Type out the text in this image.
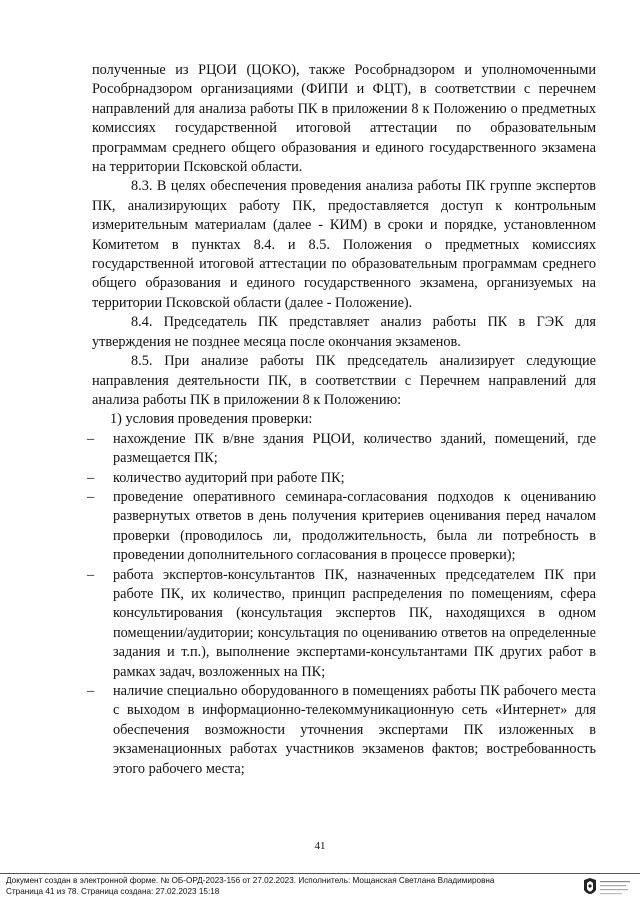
полученные из РЦОИ (ЦОКО), также Рособрнадзором и уполномоченными Рособрнадзором организациями (ФИПИ и ФЦТ), в соответствии с перечнем направлений для анализа работы ПК в приложении 8 к Положению о предметных комиссиях государственной итоговой аттестации по образовательным программам среднего общего образования и единого государственного экзамена на территории Псковской области.

8.3. В целях обеспечения проведения анализа работы ПК группе экспертов ПК, анализирующих работу ПК, предоставляется доступ к контрольным измерительным материалам (далее - КИМ) в сроки и порядке, установленном Комитетом в пунктах 8.4. и 8.5. Положения о предметных комиссиях государственной итоговой аттестации по образовательным программам среднего общего образования и единого государственного экзамена, организуемых на территории Псковской области (далее - Положение).

8.4. Председатель ПК представляет анализ работы ПК в ГЭК для утверждения не позднее месяца после окончания экзаменов.

8.5. При анализе работы ПК председатель анализирует следующие направления деятельности ПК, в соответствии с Перечнем направлений для анализа работы ПК в приложении 8 к Положению:

1) условия проведения проверки:

– нахождение ПК в/вне здания РЦОИ, количество зданий, помещений, где размещается ПК;

– количество аудиторий при работе ПК;

– проведение оперативного семинара-согласования подходов к оцениванию развернутых ответов в день получения критериев оценивания перед началом проверки (проводилось ли, продолжительность, была ли потребность в проведении дополнительного согласования в процессе проверки);

– работа экспертов-консультантов ПК, назначенных председателем ПК при работе ПК, их количество, принцип распределения по помещениям, сфера консультирования (консультация экспертов ПК, находящихся в одном помещении/аудитории; консультация по оцениванию ответов на определенные задания и т.п.), выполнение экспертами-консультантами ПК других работ в рамках задач, возложенных на ПК;

– наличие специально оборудованного в помещениях работы ПК рабочего места с выходом в информационно-телекоммуникационную сеть «Интернет» для обеспечения возможности уточнения экспертами ПК изложенных в экзаменационных работах участников экзаменов фактов; востребованность этого рабочего места;

41
Документ создан в электронной форме. № ОБ-ОРД-2023-156 от 27.02.2023. Исполнитель: Мощанская Светлана Владимировна
Страница 41 из 78. Страница создана: 27.02.2023 15:18
